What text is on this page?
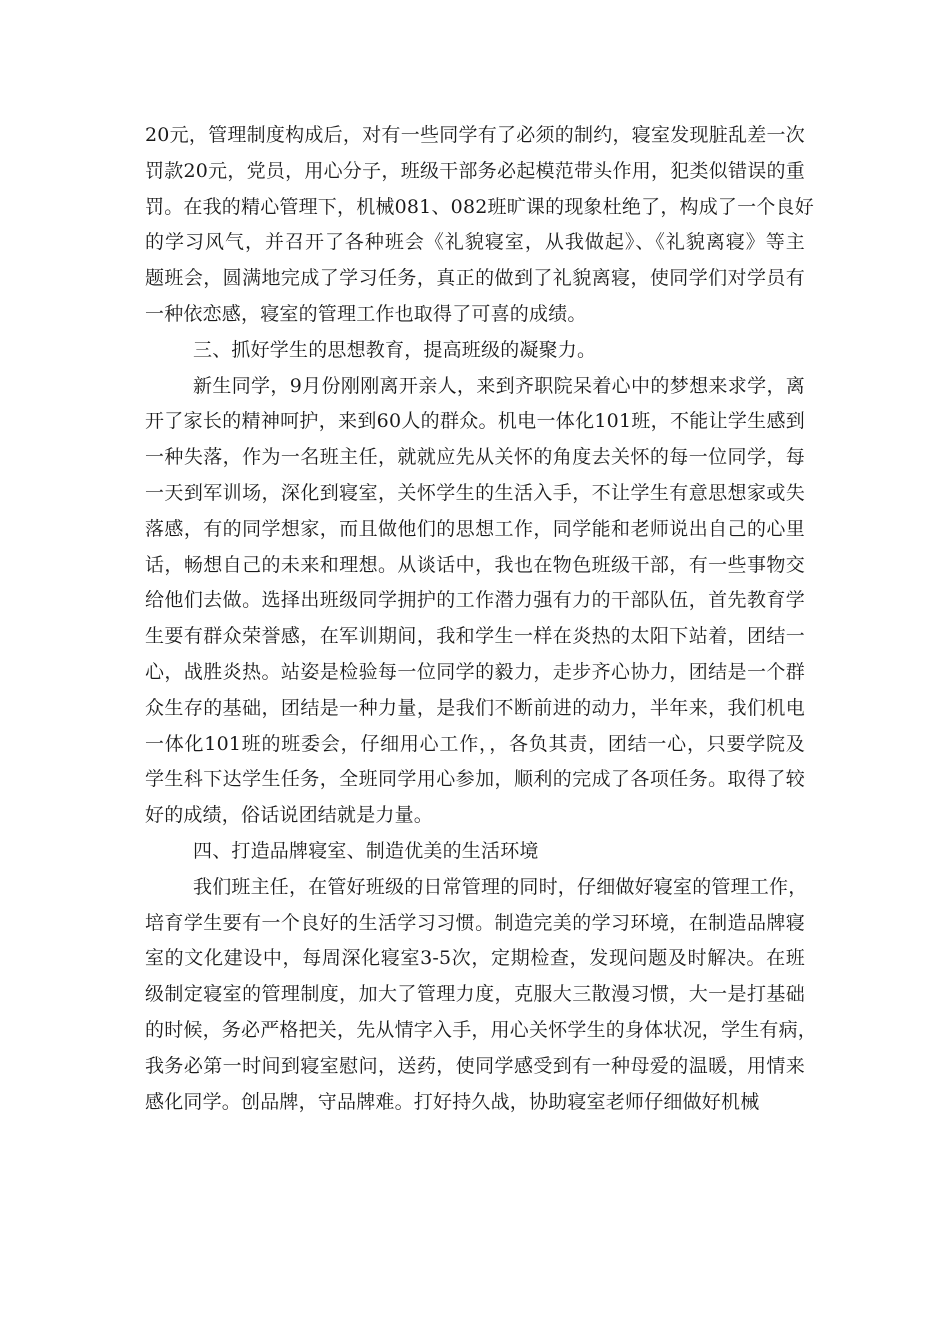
20元，管理制度构成后，对有一些同学有了必须的制约，寝室发现脏乱差一次
罚款20元，党员，用心分子，班级干部务必起模范带头作用，犯类似错误的重
罚。在我的精心管理下，机械081、082班旷课的现象杜绝了，构成了一个良好
的学习风气，并召开了各种班会《礼貌寝室，从我做起》、《礼貌离寝》等主
题班会，圆满地完成了学习任务，真正的做到了礼貌离寝，使同学们对学员有
一种依恋感，寝室的管理工作也取得了可喜的成绩。
三、抓好学生的思想教育，提高班级的凝聚力。
新生同学，9月份刚刚离开亲人，来到齐职院呆着心中的梦想来求学，离
开了家长的精神呵护，来到60人的群众。机电一体化101班，不能让学生感到
一种失落，作为一名班主任，就就应先从关怀的角度去关怀的每一位同学，每
一天到军训场，深化到寝室，关怀学生的生活入手，不让学生有意思想家或失
落感，有的同学想家，而且做他们的思想工作，同学能和老师说出自己的心里
话，畅想自己的未来和理想。从谈话中，我也在物色班级干部，有一些事物交
给他们去做。选择出班级同学拥护的工作潜力强有力的干部队伍，首先教育学
生要有群众荣誉感，在军训期间，我和学生一样在炎热的太阳下站着，团结一
心，战胜炎热。站姿是检验每一位同学的毅力，走步齐心协力，团结是一个群
众生存的基础，团结是一种力量，是我们不断前进的动力，半年来，我们机电
一体化101班的班委会，仔细用心工作，，各负其责，团结一心，只要学院及
学生科下达学生任务，全班同学用心参加，顺利的完成了各项任务。取得了较
好的成绩，俗话说团结就是力量。
四、打造品牌寝室、制造优美的生活环境
我们班主任，在管好班级的日常管理的同时，仔细做好寝室的管理工作，
培育学生要有一个良好的生活学习习惯。制造完美的学习环境，在制造品牌寝
室的文化建设中，每周深化寝室3-5次，定期检查，发现问题及时解决。在班
级制定寝室的管理制度，加大了管理力度，克服大三散漫习惯，大一是打基础
的时候，务必严格把关，先从情字入手，用心关怀学生的身体状况，学生有病，
我务必第一时间到寝室慰问，送药，使同学感受到有一种母爱的温暖，用情来
感化同学。创品牌，守品牌难。打好持久战，协助寝室老师仔细做好机械
